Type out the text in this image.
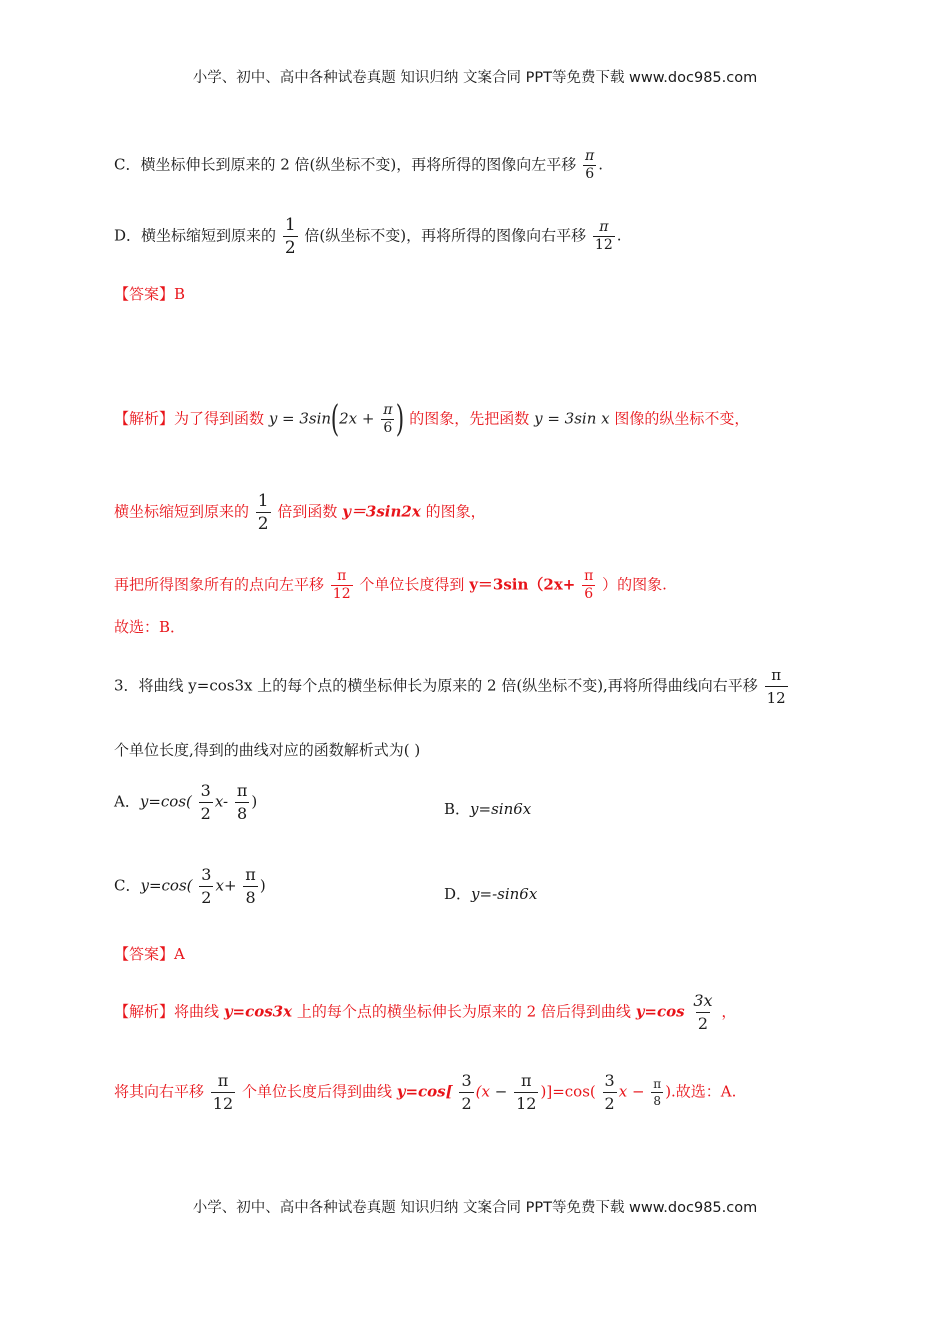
小学、初中、高中各种试卷真题 知识归纳 文案合同 PPT等免费下载 www.doc985.com
C．横坐标伸长到原来的 2 倍(纵坐标不变)，再将所得的图像向左平移 $\frac{\pi}{6}$ .
D．横坐标缩短到原来的 $\frac{1}{2}$ 倍(纵坐标不变)，再将所得的图像向右平移 $\frac{\pi}{12}$ .
【答案】B
【解析】为了得到函数 $y = 3\sin(2x + \frac{\pi}{6}$ ) 的图象，先把函数 y = 3sin x 图像的纵坐标不变，
横坐标缩短到原来的 $\frac{1}{2}$ 倍到函数 y＝3sin2x 的图象，
再把所得图象所有的点向左平移 $\frac{\pi}{12}$ 个单位长度得到 $y=3\sin(2x+ \frac{\pi}{6}$ ）的图象.
故选：B．
3．将曲线 y=cos3x 上的每个点的横坐标伸长为原来的 2 倍(纵坐标不变),再将所得曲线向右平移 $\frac{\pi}{12}$
个单位长度,得到的曲线对应的函数解析式为( )
A．$y=\cos( \frac{3}{2} x- \frac{\pi}{8}$ )	B．y=sin6x
C．$y=\cos( \frac{3}{2} x+ \frac{\pi}{8}$ )	D．y=-sin6x
【答案】A
【解析】将曲线 y=cos3x 上的每个点的横坐标伸长为原来的 2 倍后得到曲线 $y=\cos \frac{3x}{2}$ ，
将其向右平移 $\frac{\pi}{12}$ 个单位长度后得到曲线 $y=\cos[ \frac{3}{2} (x - \frac{\pi}{12} )]=\cos( \frac{3}{2}$ $x - \frac{\pi}{8}$ ).故选：A.
小学、初中、高中各种试卷真题 知识归纳 文案合同 PPT等免费下载 www.doc985.com
